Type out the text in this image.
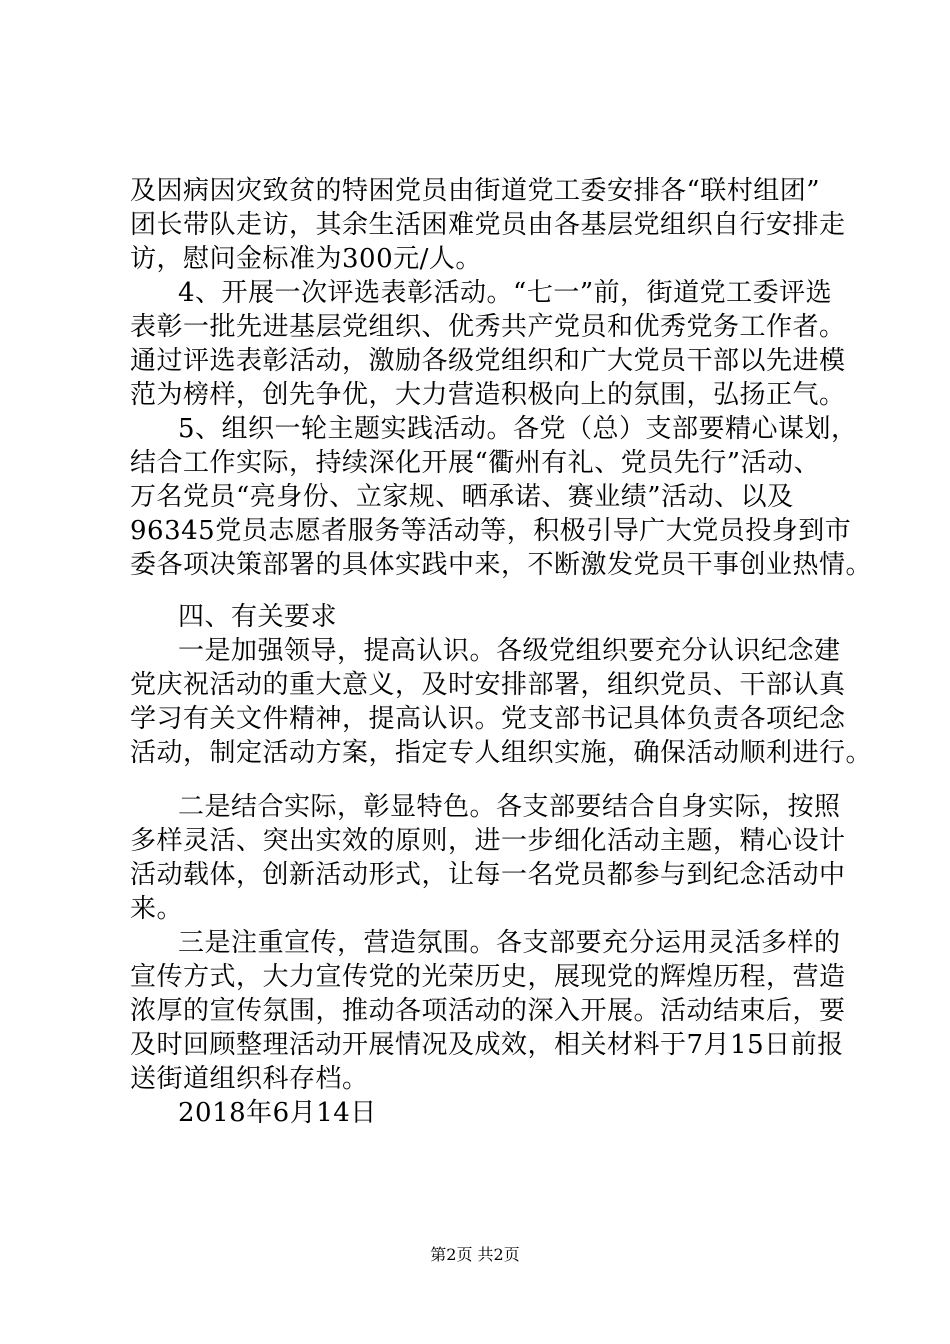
及因病因灾致贫的特困党员由街道党工委安排各“联村组团”
团长带队走访，其余生活困难党员由各基层党组织自行安排走
访，慰问金标准为300元/人。
4、开展一次评选表彰活动。“七一”前，街道党工委评选
表彰一批先进基层党组织、优秀共产党员和优秀党务工作者。
通过评选表彰活动，激励各级党组织和广大党员干部以先进模
范为榜样，创先争优，大力营造积极向上的氛围，弘扬正气。
5、组织一轮主题实践活动。各党（总）支部要精心谋划，
结合工作实际，持续深化开展“衢州有礼、党员先行”活动、
万名党员“亮身份、立家规、晒承诺、赛业绩”活动、以及
96345党员志愿者服务等活动等，积极引导广大党员投身到市
委各项决策部署的具体实践中来，不断激发党员干事创业热情。
四、有关要求
一是加强领导，提高认识。各级党组织要充分认识纪念建
党庆祝活动的重大意义，及时安排部署，组织党员、干部认真
学习有关文件精神，提高认识。党支部书记具体负责各项纪念
活动，制定活动方案，指定专人组织实施，确保活动顺利进行。
二是结合实际，彰显特色。各支部要结合自身实际，按照
多样灵活、突出实效的原则，进一步细化活动主题，精心设计
活动载体，创新活动形式，让每一名党员都参与到纪念活动中
来。
三是注重宣传，营造氛围。各支部要充分运用灵活多样的
宣传方式，大力宣传党的光荣历史，展现党的辉煌历程，营造
浓厚的宣传氛围，推动各项活动的深入开展。活动结束后，要
及时回顾整理活动开展情况及成效，相关材料于7月15日前报
送街道组织科存档。
2018年6月14日
第2页 共2页
